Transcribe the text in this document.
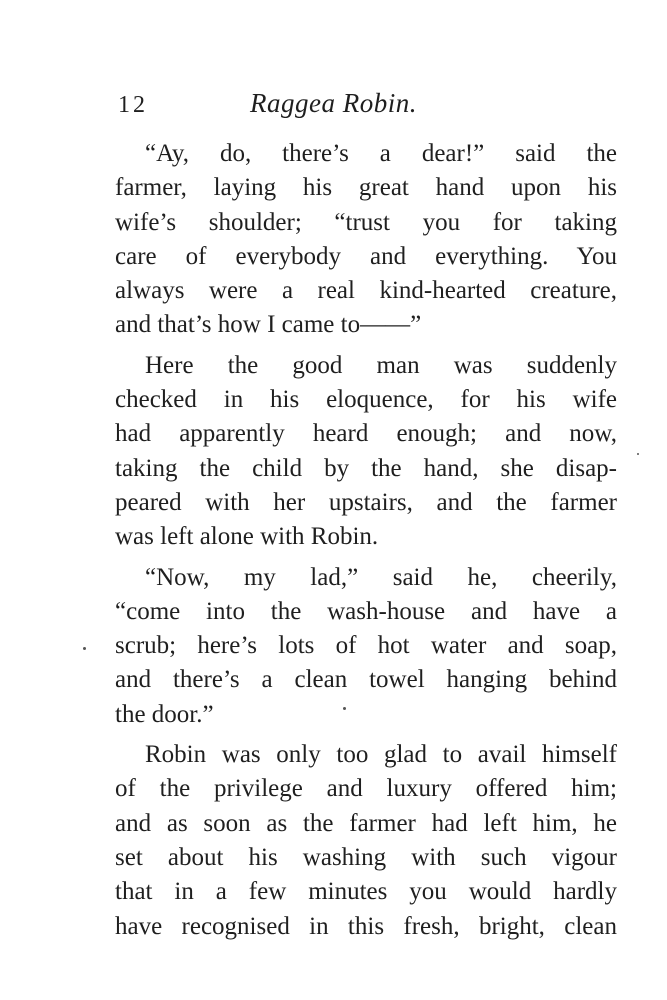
12	Raggea Robin.
“Ay, do, there’s a dear!” said the
farmer, laying his great hand upon his
wife’s shoulder; “trust you for taking
care of everybody and everything. You
always were a real kind-hearted creature,
and that’s how I came to——”
Here the good man was suddenly
checked in his eloquence, for his wife
had apparently heard enough; and now,
taking the child by the hand, she disap-
peared with her upstairs, and the farmer
was left alone with Robin.
“Now, my lad,” said he, cheerily,
“come into the wash-house and have a
scrub; here’s lots of hot water and soap,
and there’s a clean towel hanging behind
the door.”
Robin was only too glad to avail himself
of the privilege and luxury offered him;
and as soon as the farmer had left him, he
set about his washing with such vigour
that in a few minutes you would hardly
have recognised in this fresh, bright, clean
